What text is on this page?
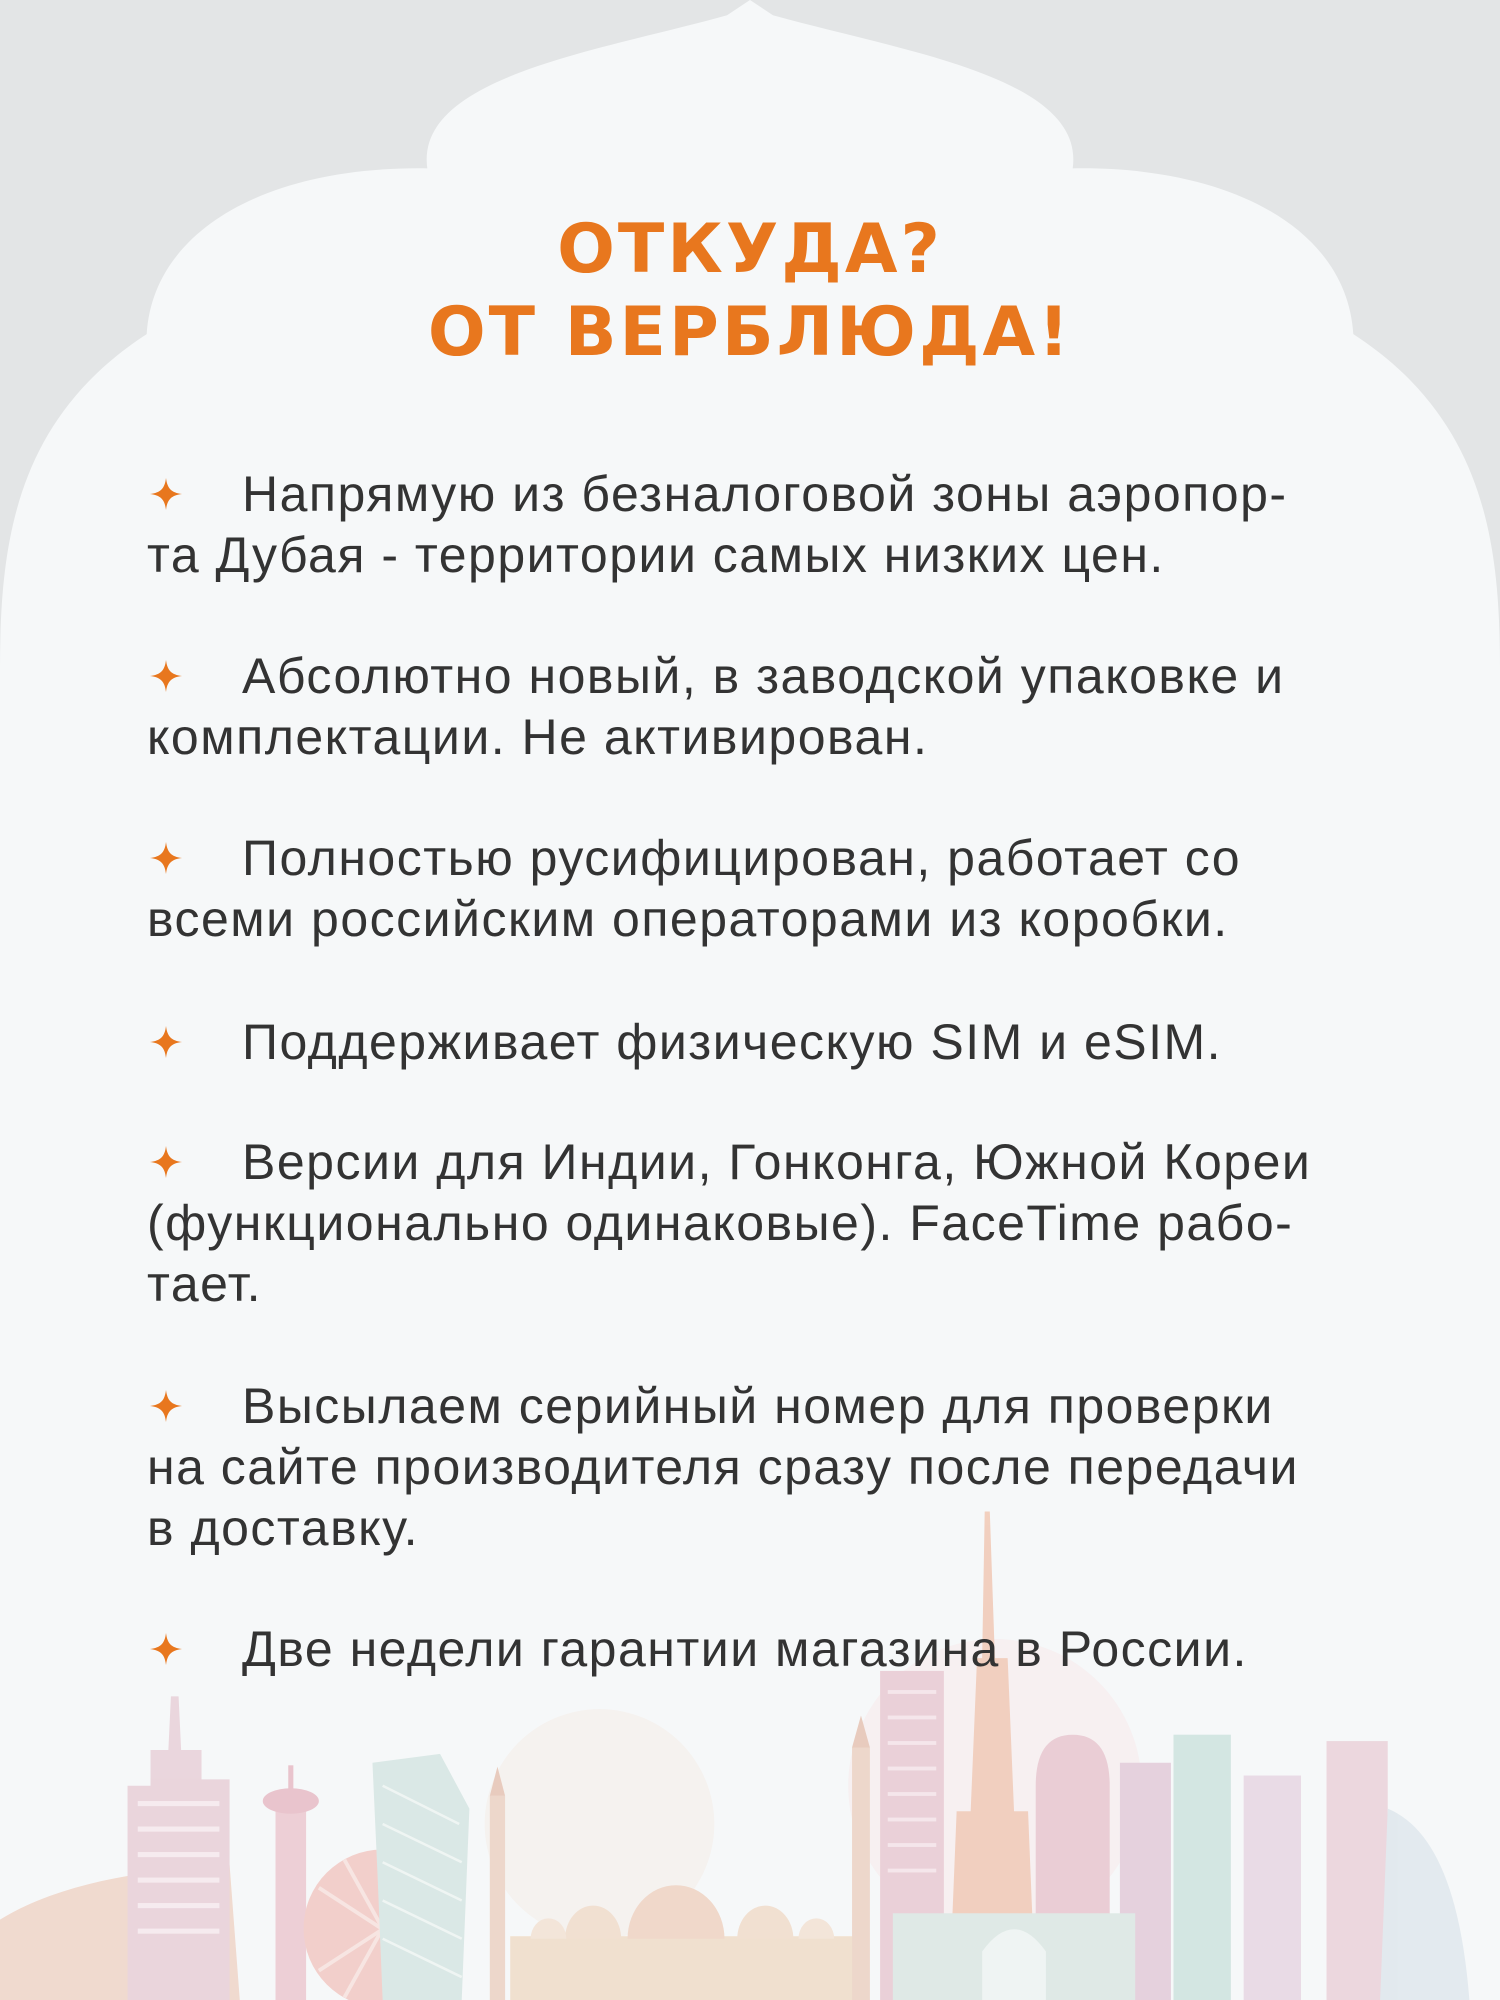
ОТКУДА?
ОТ ВЕРБЛЮДА!
Напрямую из безналоговой зоны аэропор-
та Дубая - территории самых низких цен.
Абсолютно новый, в заводской упаковке и
комплектации. Не активирован.
Полностью русифицирован, работает со
всеми российским операторами из коробки.
Поддерживает физическую SIM и eSIM.
Версии для Индии, Гонконга, Южной Кореи
(функционально одинаковые). FaceTime рабо-
тает.
Высылаем серийный номер для проверки
на сайте производителя сразу после передачи
в доставку.
Две недели гарантии магазина в России.
